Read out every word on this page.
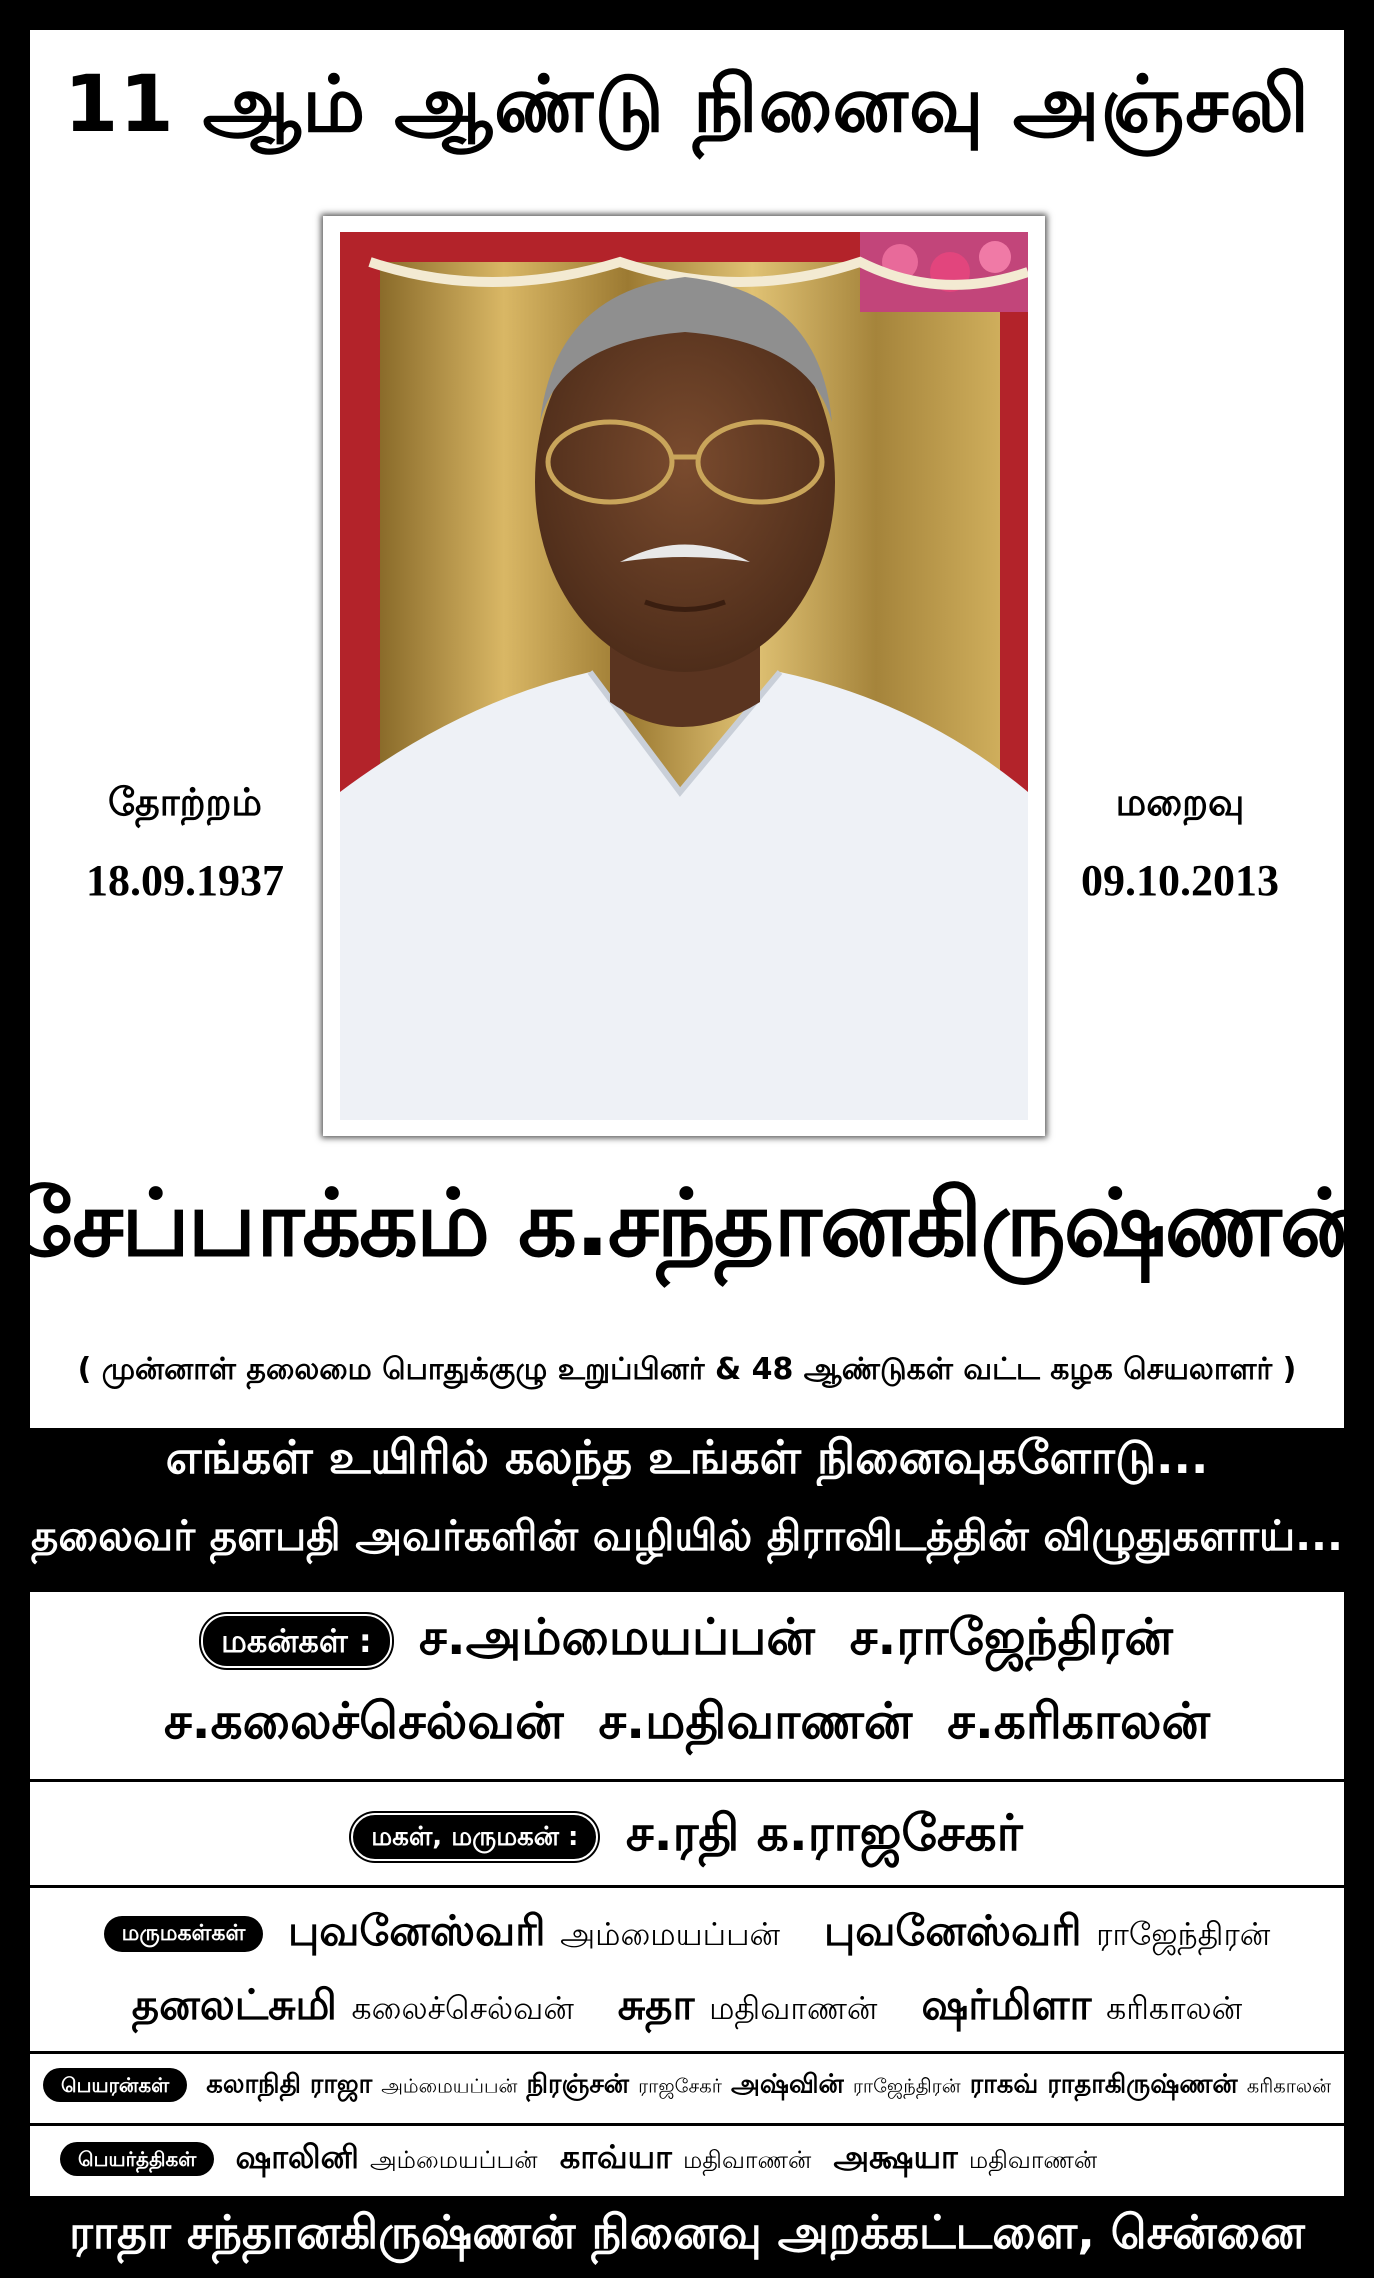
11 ஆம் ஆண்டு நினைவு அஞ்சலி
தோற்றம்
18.09.1937
மறைவு
09.10.2013
சேப்பாக்கம் க.சந்தானகிருஷ்ணன்
( முன்னாள் தலைமை பொதுக்குழு உறுப்பினர் & 48 ஆண்டுகள் வட்ட கழக செயலாளர் )
எங்கள் உயிரில் கலந்த உங்கள் நினைவுகளோடு...
தலைவர் தளபதி அவர்களின் வழியில் திராவிடத்தின் விழுதுகளாய்...
மகன்கள் : ச.அம்மையப்பன் ச.ராஜேந்திரன்
ச.கலைச்செல்வன் ச.மதிவாணன் ச.கரிகாலன்
மகள், மருமகன் : ச.ரதி க.ராஜசேகர்
மருமகள்கள் புவனேஸ்வரி அம்மையப்பன் புவனேஸ்வரி ராஜேந்திரன்
தனலட்சுமி கலைச்செல்வன் சுதா மதிவாணன் ஷர்மிளா கரிகாலன்
பெயரன்கள் கலாநிதி ராஜா அம்மையப்பன் நிரஞ்சன் ராஜசேகர் அஷ்வின் ராஜேந்திரன் ராகவ் ராதாகிருஷ்ணன் கரிகாலன்
பெயர்த்திகள் ஷாலினி அம்மையப்பன் காவ்யா மதிவாணன் அக்ஷயா மதிவாணன்
ராதா சந்தானகிருஷ்ணன் நினைவு அறக்கட்டளை, சென்னை
